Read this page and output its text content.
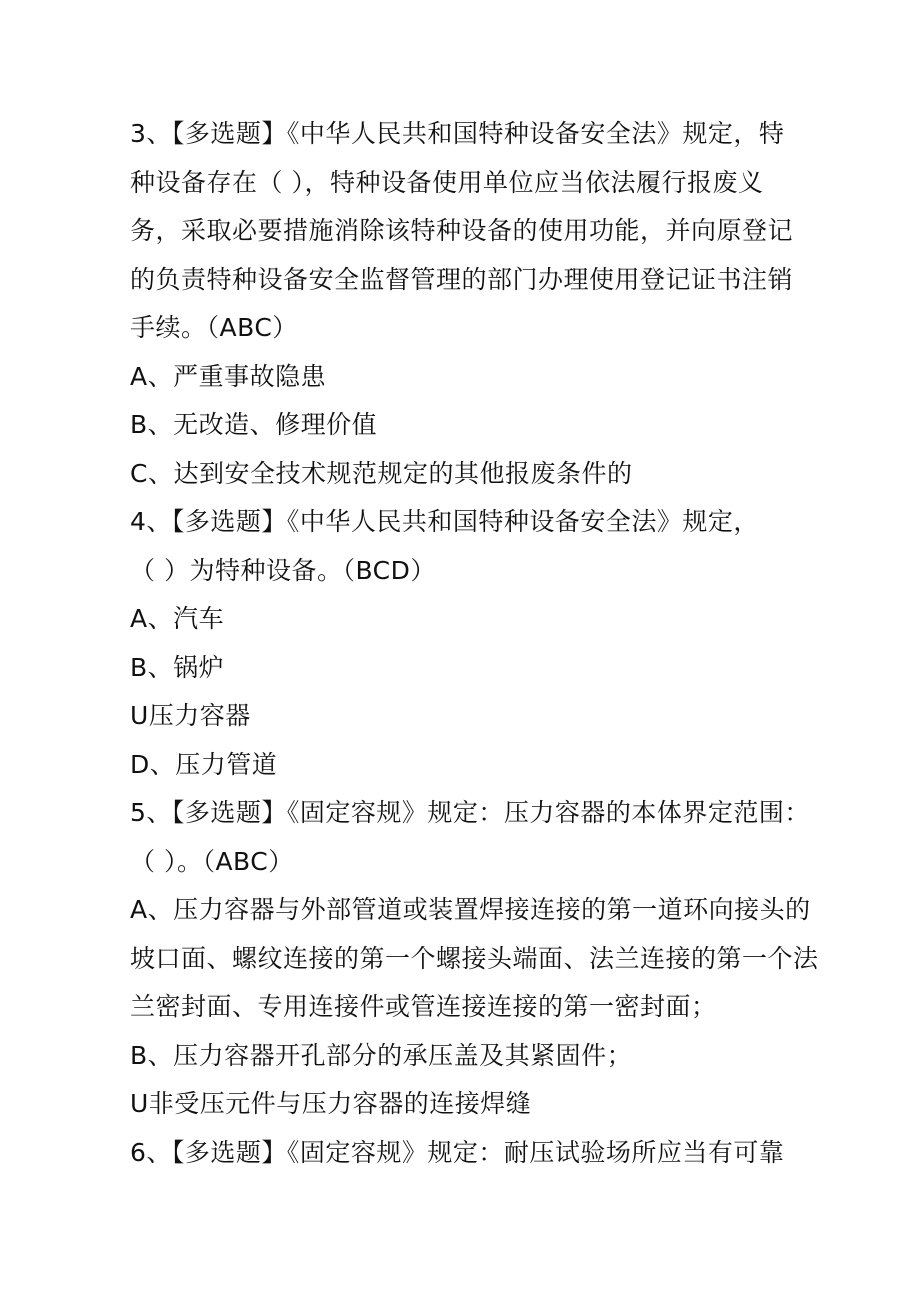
3、【多选题】《中华人民共和国特种设备安全法》规定，特
种设备存在（ ），特种设备使用单位应当依法履行报废义
务，采取必要措施消除该特种设备的使用功能，并向原登记
的负责特种设备安全监督管理的部门办理使用登记证书注销
手续。（ABC）
A、严重事故隐患
B、无改造、修理价值
C、达到安全技术规范规定的其他报废条件的
4、【多选题】《中华人民共和国特种设备安全法》规定，
（ ）为特种设备。（BCD）
A、汽车
B、锅炉
U压力容器
D、压力管道
5、【多选题】《固定容规》规定：压力容器的本体界定范围：
（ ）。（ABC）
A、压力容器与外部管道或装置焊接连接的第一道环向接头的
坡口面、螺纹连接的第一个螺接头端面、法兰连接的第一个法
兰密封面、专用连接件或管连接连接的第一密封面；
B、压力容器开孔部分的承压盖及其紧固件；
U非受压元件与压力容器的连接焊缝
6、【多选题】《固定容规》规定：耐压试验场所应当有可靠
